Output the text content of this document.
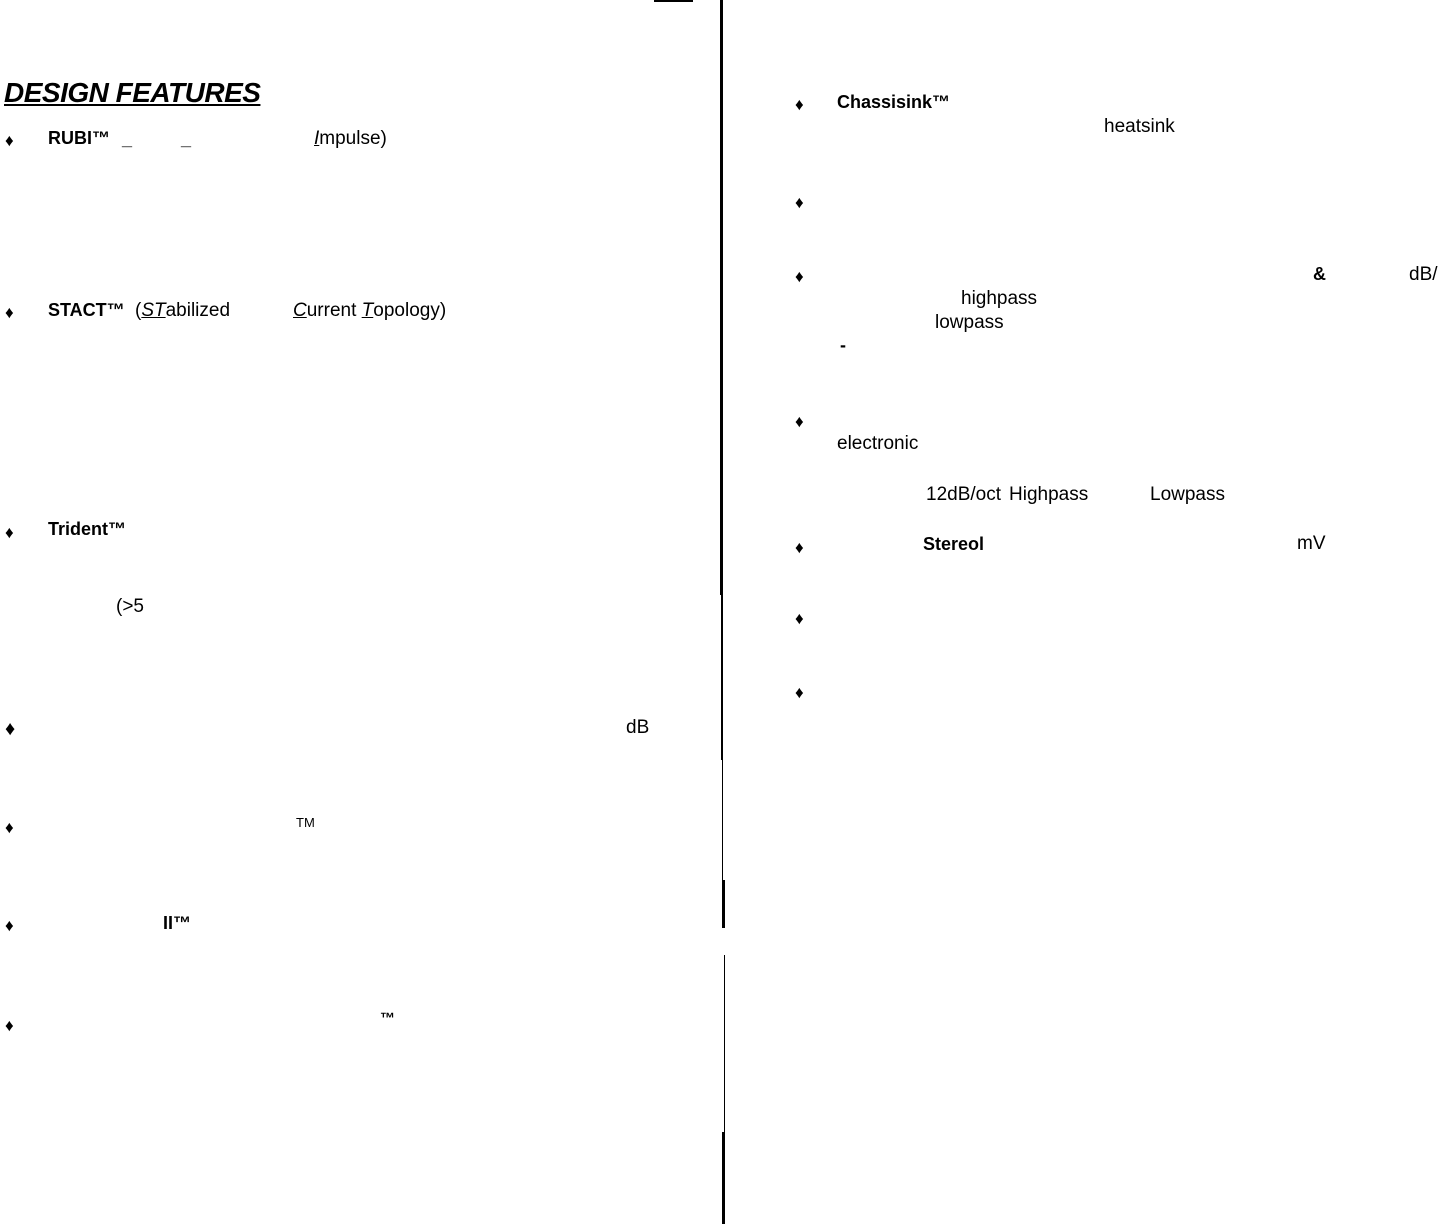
DESIGN FEATURES
♦ RUBI™ _	_	Impulse)
♦ STACT™ (STabilized	Current Topology)
♦ Trident™
(>5
♦	dB
♦	TM
♦	II™
♦	™
♦ Chassisink™
heatsink
♦
♦	&	dB/
highpass
lowpass
-
♦
electronic
12dB/oct Highpass	Lowpass
♦	Stereol	mV
♦
♦
